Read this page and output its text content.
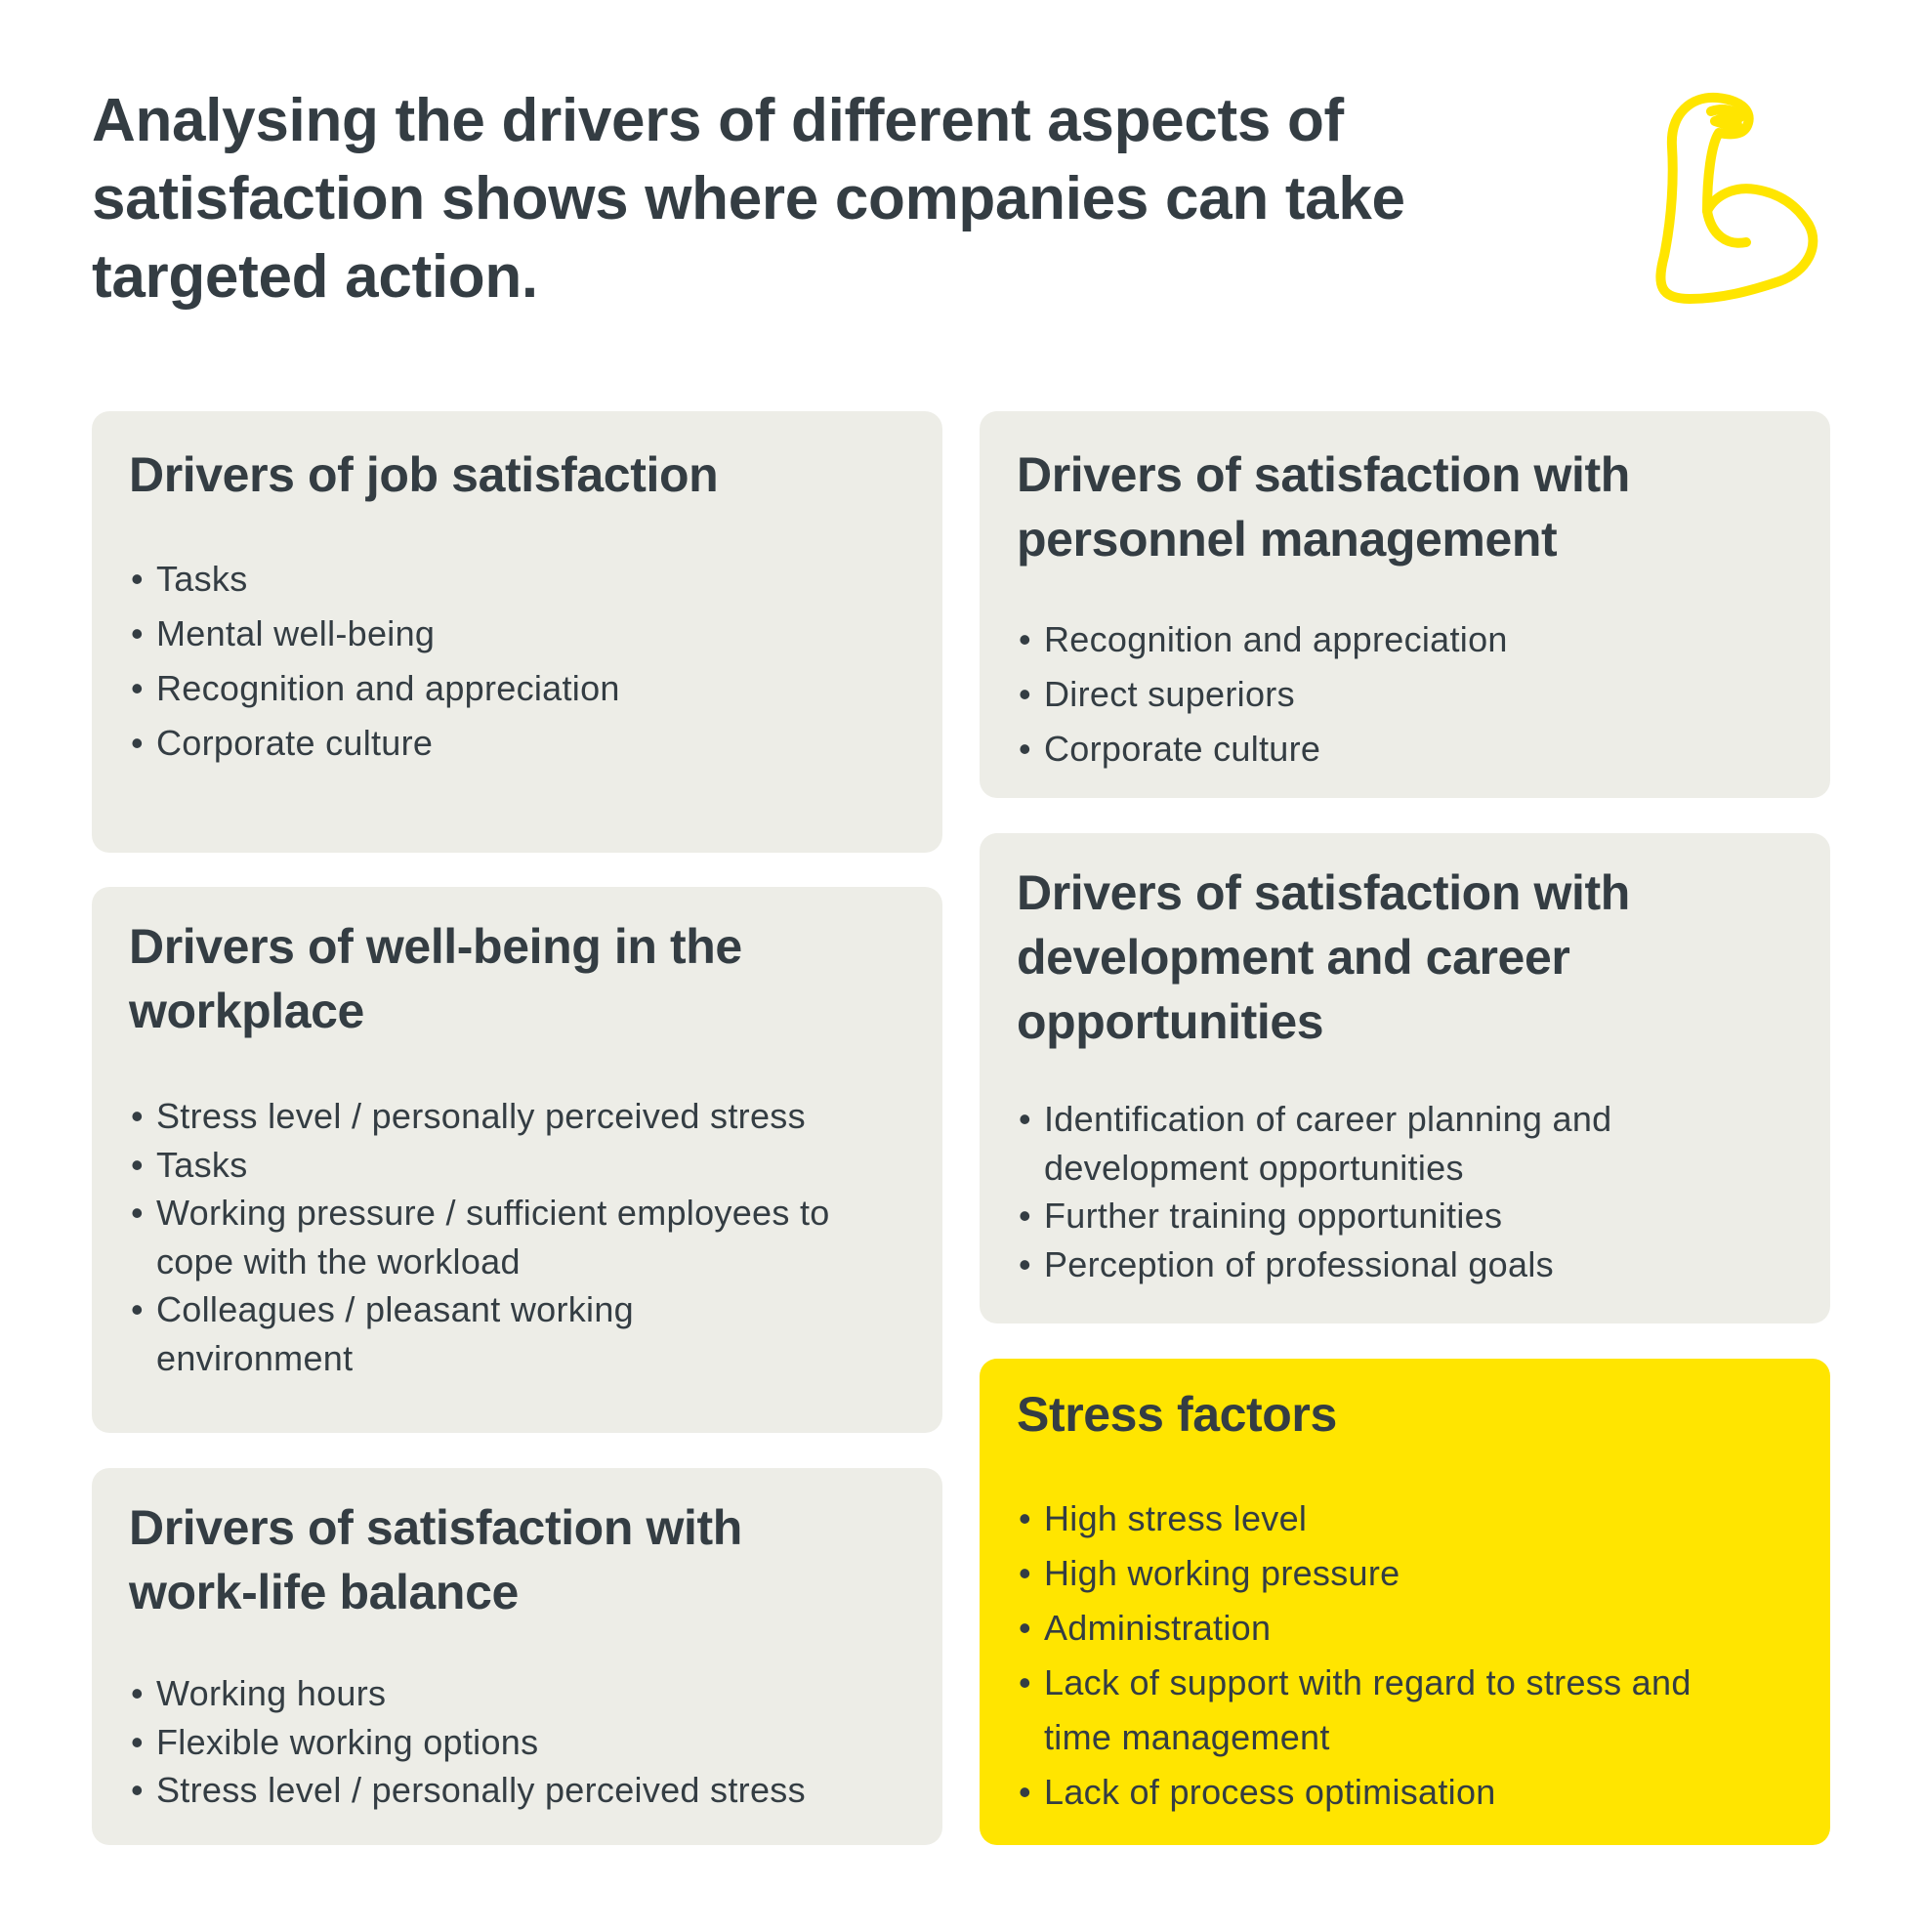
Analysing the drivers of different aspects of satisfaction shows where companies can take targeted action.
Drivers of job satisfaction
• Tasks
• Mental well-being
• Recognition and appreciation
• Corporate culture
Drivers of well-being in the workplace
• Stress level / personally perceived stress
• Tasks
• Working pressure / sufficient employees to cope with the workload
• Colleagues / pleasant working environment
Drivers of satisfaction with work-life balance
• Working hours
• Flexible working options
• Stress level / personally perceived stress
Drivers of satisfaction with personnel management
• Recognition and appreciation
• Direct superiors
• Corporate culture
Drivers of satisfaction with development and career opportunities
• Identification of career planning and development opportunities
• Further training opportunities
• Perception of professional goals
Stress factors
• High stress level
• High working pressure
• Administration
• Lack of support with regard to stress and time management
• Lack of process optimisation
